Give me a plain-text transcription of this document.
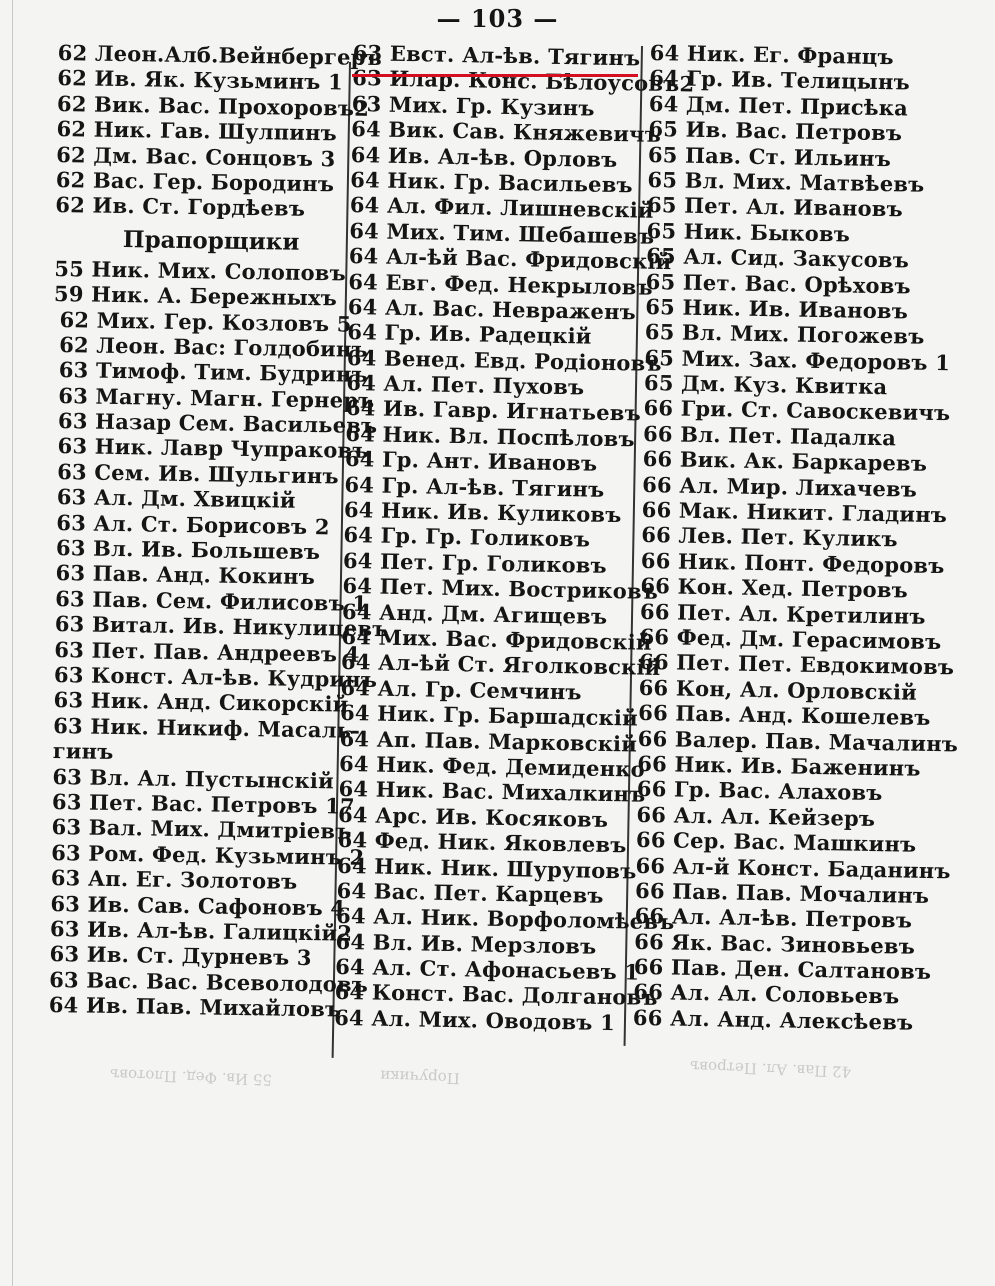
— 103 —
62 Леон.Алб.Вейнбергеръ
62 Ив. Як. Кузьминъ 1
62 Вик. Вас. Прохоровъ2
62 Ник. Гав. Шулпинъ
62 Дм. Вас. Сонцовъ 3
62 Вас. Гер. Бородинъ
62 Ив. Ст. Гордѣевъ
Прапорщики
55 Ник. Мих. Солоповъ
59 Ник. А. Бережныхъ
62 Мих. Гер. Козловъ 5
62 Леон. Вас: Голдобинъ
63 Тимоф. Тим. Будринъ
63 Магну. Магн. Гернеръ
63 Назар Сем. Васильевъ
63 Ник. Лавр Чупраковъ
63 Сем. Ив. Шульгинъ
63 Ал. Дм. Хвицкій
63 Ал. Ст. Борисовъ 2
63 Вл. Ив. Большевъ
63 Пав. Анд. Кокинъ
63 Пав. Сем. Филисовъ 1
63 Витал. Ив. Никулицевъ
63 Пет. Пав. Андреевъ 4
63 Конст. Ал-ѣв. Кудринъ
63 Ник. Анд. Сикорскій
63 Ник. Никиф. Масаль-
гинъ
63 Вл. Ал. Пустынскій
63 Пет. Вас. Петровъ 17
63 Вал. Мих. Дмитріевъ
63 Ром. Фед. Кузьминъ 2
63 Ап. Ег. Золотовъ
63 Ив. Сав. Сафоновъ 4
63 Ив. Ал-ѣв. Галицкій2
63 Ив. Ст. Дурневъ 3
63 Вас. Вас. Всеволодовъ
64 Ив. Пав. Михайловъ
63 Евст. Ал-ѣв. Тягинъ
63 Илар. Конс. Бѣлоусовъ2
63 Мих. Гр. Кузинъ
64 Вик. Сав. Княжевичъ
64 Ив. Ал-ѣв. Орловъ
64 Ник. Гр. Васильевъ
64 Ал. Фил. Лишневскій
64 Мих. Тим. Шебашевъ
64 Ал-ѣй Вас. Фридовскій
64 Евг. Фед. Некрыловъ
64 Ал. Вас. Невраженъ
64 Гр. Ив. Радецкій
64 Венед. Евд. Родіоновъ
64 Ал. Пет. Пуховъ
64 Ив. Гавр. Игнатьевъ
64 Ник. Вл. Поспѣловъ
64 Гр. Ант. Ивановъ
64 Гр. Ал-ѣв. Тягинъ
64 Ник. Ив. Куликовъ
64 Гр. Гр. Голиковъ
64 Пет. Гр. Голиковъ
64 Пет. Мих. Востриковъ
64 Анд. Дм. Агищевъ
64 Мих. Вас. Фридовскій
64 Ал-ѣй Ст. Яголковскій
64 Ал. Гр. Семчинъ
64 Ник. Гр. Баршадскій
64 Ап. Пав. Марковскій
64 Ник. Фед. Демиденко
64 Ник. Вас. Михалкинъ
64 Арс. Ив. Косяковъ
64 Фед. Ник. Яковлевъ
64 Ник. Ник. Шуруповъ
64 Вас. Пет. Карцевъ
64 Ал. Ник. Ворфоломѣевъ
64 Вл. Ив. Мерзловъ
64 Ал. Ст. Афонасьевъ 1
64 Конст. Вас. Долгановъ
64 Ал. Мих. Оводовъ 1
64 Ник. Ег. Францъ
64 Гр. Ив. Телицынъ
64 Дм. Пет. Присѣка
65 Ив. Вас. Петровъ
65 Пав. Ст. Ильинъ
65 Вл. Мих. Матвѣевъ
65 Пет. Ал. Ивановъ
65 Ник. Быковъ
65 Ал. Сид. Закусовъ
65 Пет. Вас. Орѣховъ
65 Ник. Ив. Ивановъ
65 Вл. Мих. Погожевъ
65 Мих. Зах. Федоровъ 1
65 Дм. Куз. Квитка
66 Гри. Ст. Савоскевичъ
66 Вл. Пет. Падалка
66 Вик. Ак. Баркаревъ
66 Ал. Мир. Лихачевъ
66 Мак. Никит. Гладинъ
66 Лев. Пет. Куликъ
66 Ник. Понт. Федоровъ
66 Кон. Хед. Петровъ
66 Пет. Ал. Кретилинъ
66 Фед. Дм. Герасимовъ
66 Пет. Пет. Евдокимовъ
66 Кон, Ал. Орловскій
66 Пав. Анд. Кошелевъ
66 Валер. Пав. Мачалинъ
66 Ник. Ив. Баженинъ
66 Гр. Вас. Алаховъ
66 Ал. Ал. Кейзеръ
66 Сер. Вас. Машкинъ
66 Ал-й Конст. Баданинъ
66 Пав. Пав. Мочалинъ
66 Ал. Ал-ѣв. Петровъ
66 Як. Вас. Зиновьевъ
66 Пав. Ден. Салтановъ
66 Ал. Ал. Соловьевъ
66 Ал. Анд. Алексѣевъ
55 Ив. Фед. Плотовъ	Поручики	42 Пав. Ал. Петровъ
